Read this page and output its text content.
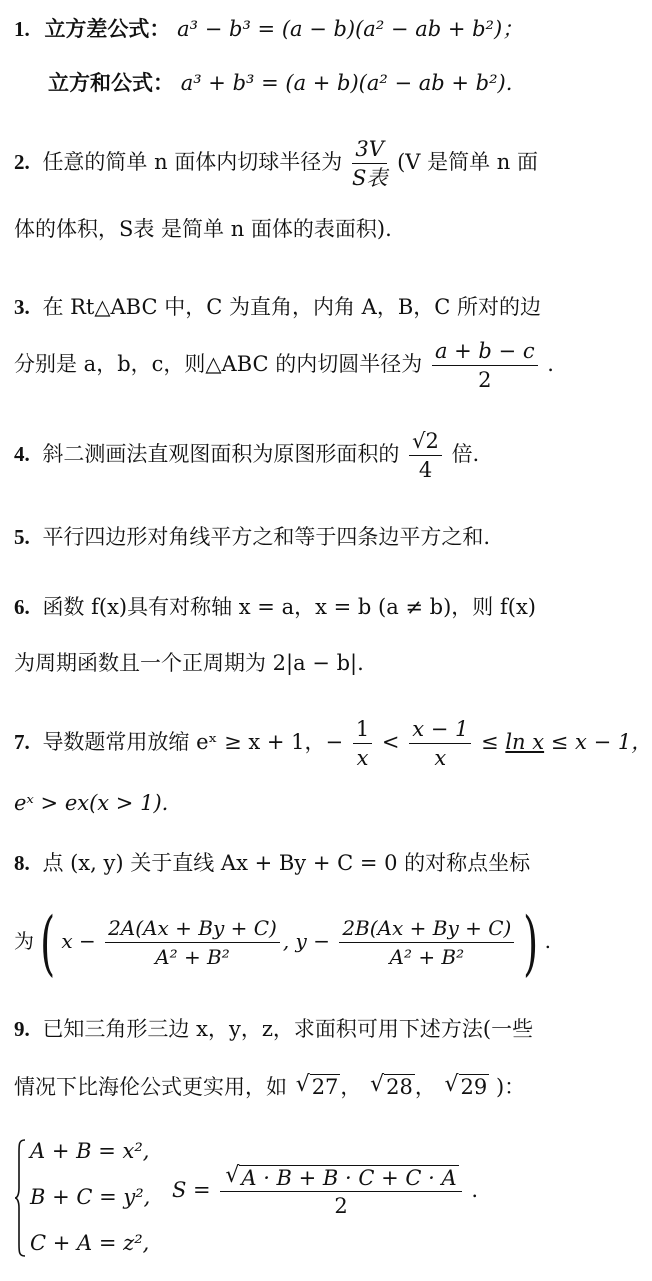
1. 立方差公式： a³ − b³ = (a − b)(a² − ab + b²)；
立方和公式： a³ + b³ = (a + b)(a² − ab + b²).
2. 任意的简单 n 面体内切球半径为 $\frac{3V}{\text{S表}} (V$ 是简单 n 面
体的体积，S表 是简单 n 面体的表面积).
3. 在 Rt△ABC 中，C 为直角，内角 A，B，C 所对的边
分别是 a，b，c，则△ABC 的内切圆半径为 $\frac{a + b - c}{2}$ .
4. 斜二测画法直观图面积为原图形面积的 $\frac{√2}{4}$ 倍.
5. 平行四边形对角线平方之和等于四条边平方之和.
6. 函数 f(x)具有对称轴 x = a，x = b (a ≠ b)，则 f(x)
为周期函数且一个正周期为 2|a − b|.
7. 导数题常用放缩 eˣ ≥ x + 1，− $\frac{1}{x} < \frac{x - 1}{x} \le \ln x \le x - 1$，
eˣ > ex(x > 1).
8. 点 (x, y) 关于直线 Ax + By + C = 0 的对称点坐标
为( $x - \frac{2A(Ax + By + C)}{\text{A² + B²}}$ , $y - \frac{2B(Ax + By + C)}{\text{A² + B²}}$ ) .
9. 已知三角形三边 x，y，z，求面积可用下述方法(一些
情况下比海伦公式更实用，如 √ 27， √ 28， √ 29 )：
A + B = x²,
B + C = y²,
C + A = z²,
S = √ $\frac{A \cdot B + B \cdot C + C \cdot A}{2}$ .
